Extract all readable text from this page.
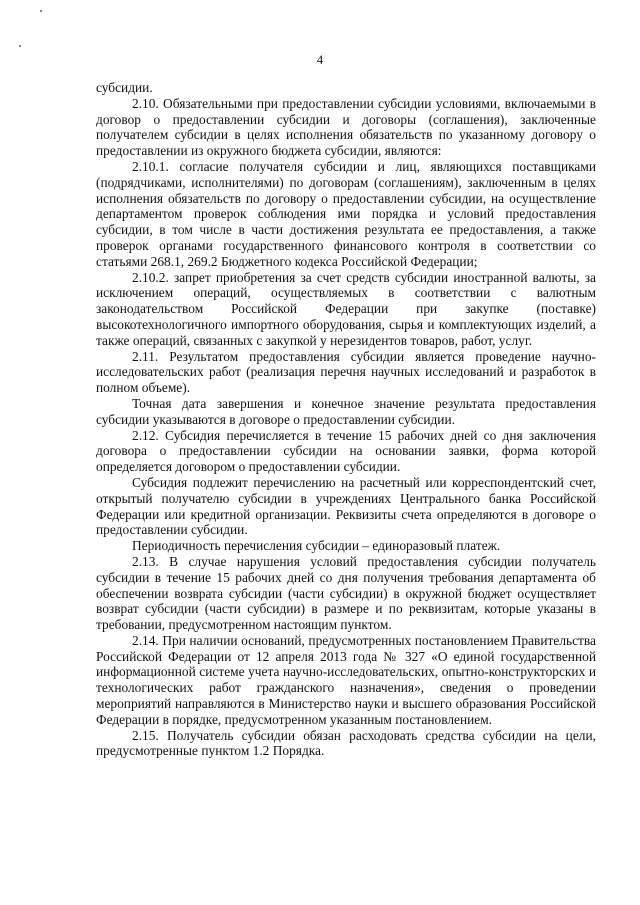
4

субсидии.

2.10. Обязательными при предоставлении субсидии условиями, включаемыми в договор о предоставлении субсидии и договоры (соглашения), заключенные получателем субсидии в целях исполнения обязательств по указанному договору о предоставлении из окружного бюджета субсидии, являются:

2.10.1. согласие получателя субсидии и лиц, являющихся поставщиками (подрядчиками, исполнителями) по договорам (соглашениям), заключенным в целях исполнения обязательств по договору о предоставлении субсидии, на осуществление департаментом проверок соблюдения ими порядка и условий предоставления субсидии, в том числе в части достижения результата ее предоставления, а также проверок органами государственного финансового контроля в соответствии со статьями 268.1, 269.2 Бюджетного кодекса Российской Федерации;

2.10.2. запрет приобретения за счет средств субсидии иностранной валюты, за исключением операций, осуществляемых в соответствии с валютным законодательством Российской Федерации при закупке (поставке) высокотехнологичного импортного оборудования, сырья и комплектующих изделий, а также операций, связанных с закупкой у нерезидентов товаров, работ, услуг.

2.11. Результатом предоставления субсидии является проведение научно-исследовательских работ (реализация перечня научных исследований и разработок в полном объеме).

Точная дата завершения и конечное значение результата предоставления субсидии указываются в договоре о предоставлении субсидии.

2.12. Субсидия перечисляется в течение 15 рабочих дней со дня заключения договора о предоставлении субсидии на основании заявки, форма которой определяется договором о предоставлении субсидии.

Субсидия подлежит перечислению на расчетный или корреспондентский счет, открытый получателю субсидии в учреждениях Центрального банка Российской Федерации или кредитной организации. Реквизиты счета определяются в договоре о предоставлении субсидии.

Периодичность перечисления субсидии – единоразовый платеж.

2.13. В случае нарушения условий предоставления субсидии получатель субсидии в течение 15 рабочих дней со дня получения требования департамента об обеспечении возврата субсидии (части субсидии) в окружной бюджет осуществляет возврат субсидии (части субсидии) в размере и по реквизитам, которые указаны в требовании, предусмотренном настоящим пунктом.

2.14. При наличии оснований, предусмотренных постановлением Правительства Российской Федерации от 12 апреля 2013 года № 327 «О единой государственной информационной системе учета научно-исследовательских, опытно-конструкторских и технологических работ гражданского назначения», сведения о проведении мероприятий направляются в Министерство науки и высшего образования Российской Федерации в порядке, предусмотренном указанным постановлением.

2.15. Получатель субсидии обязан расходовать средства субсидии на цели, предусмотренные пунктом 1.2 Порядка.
